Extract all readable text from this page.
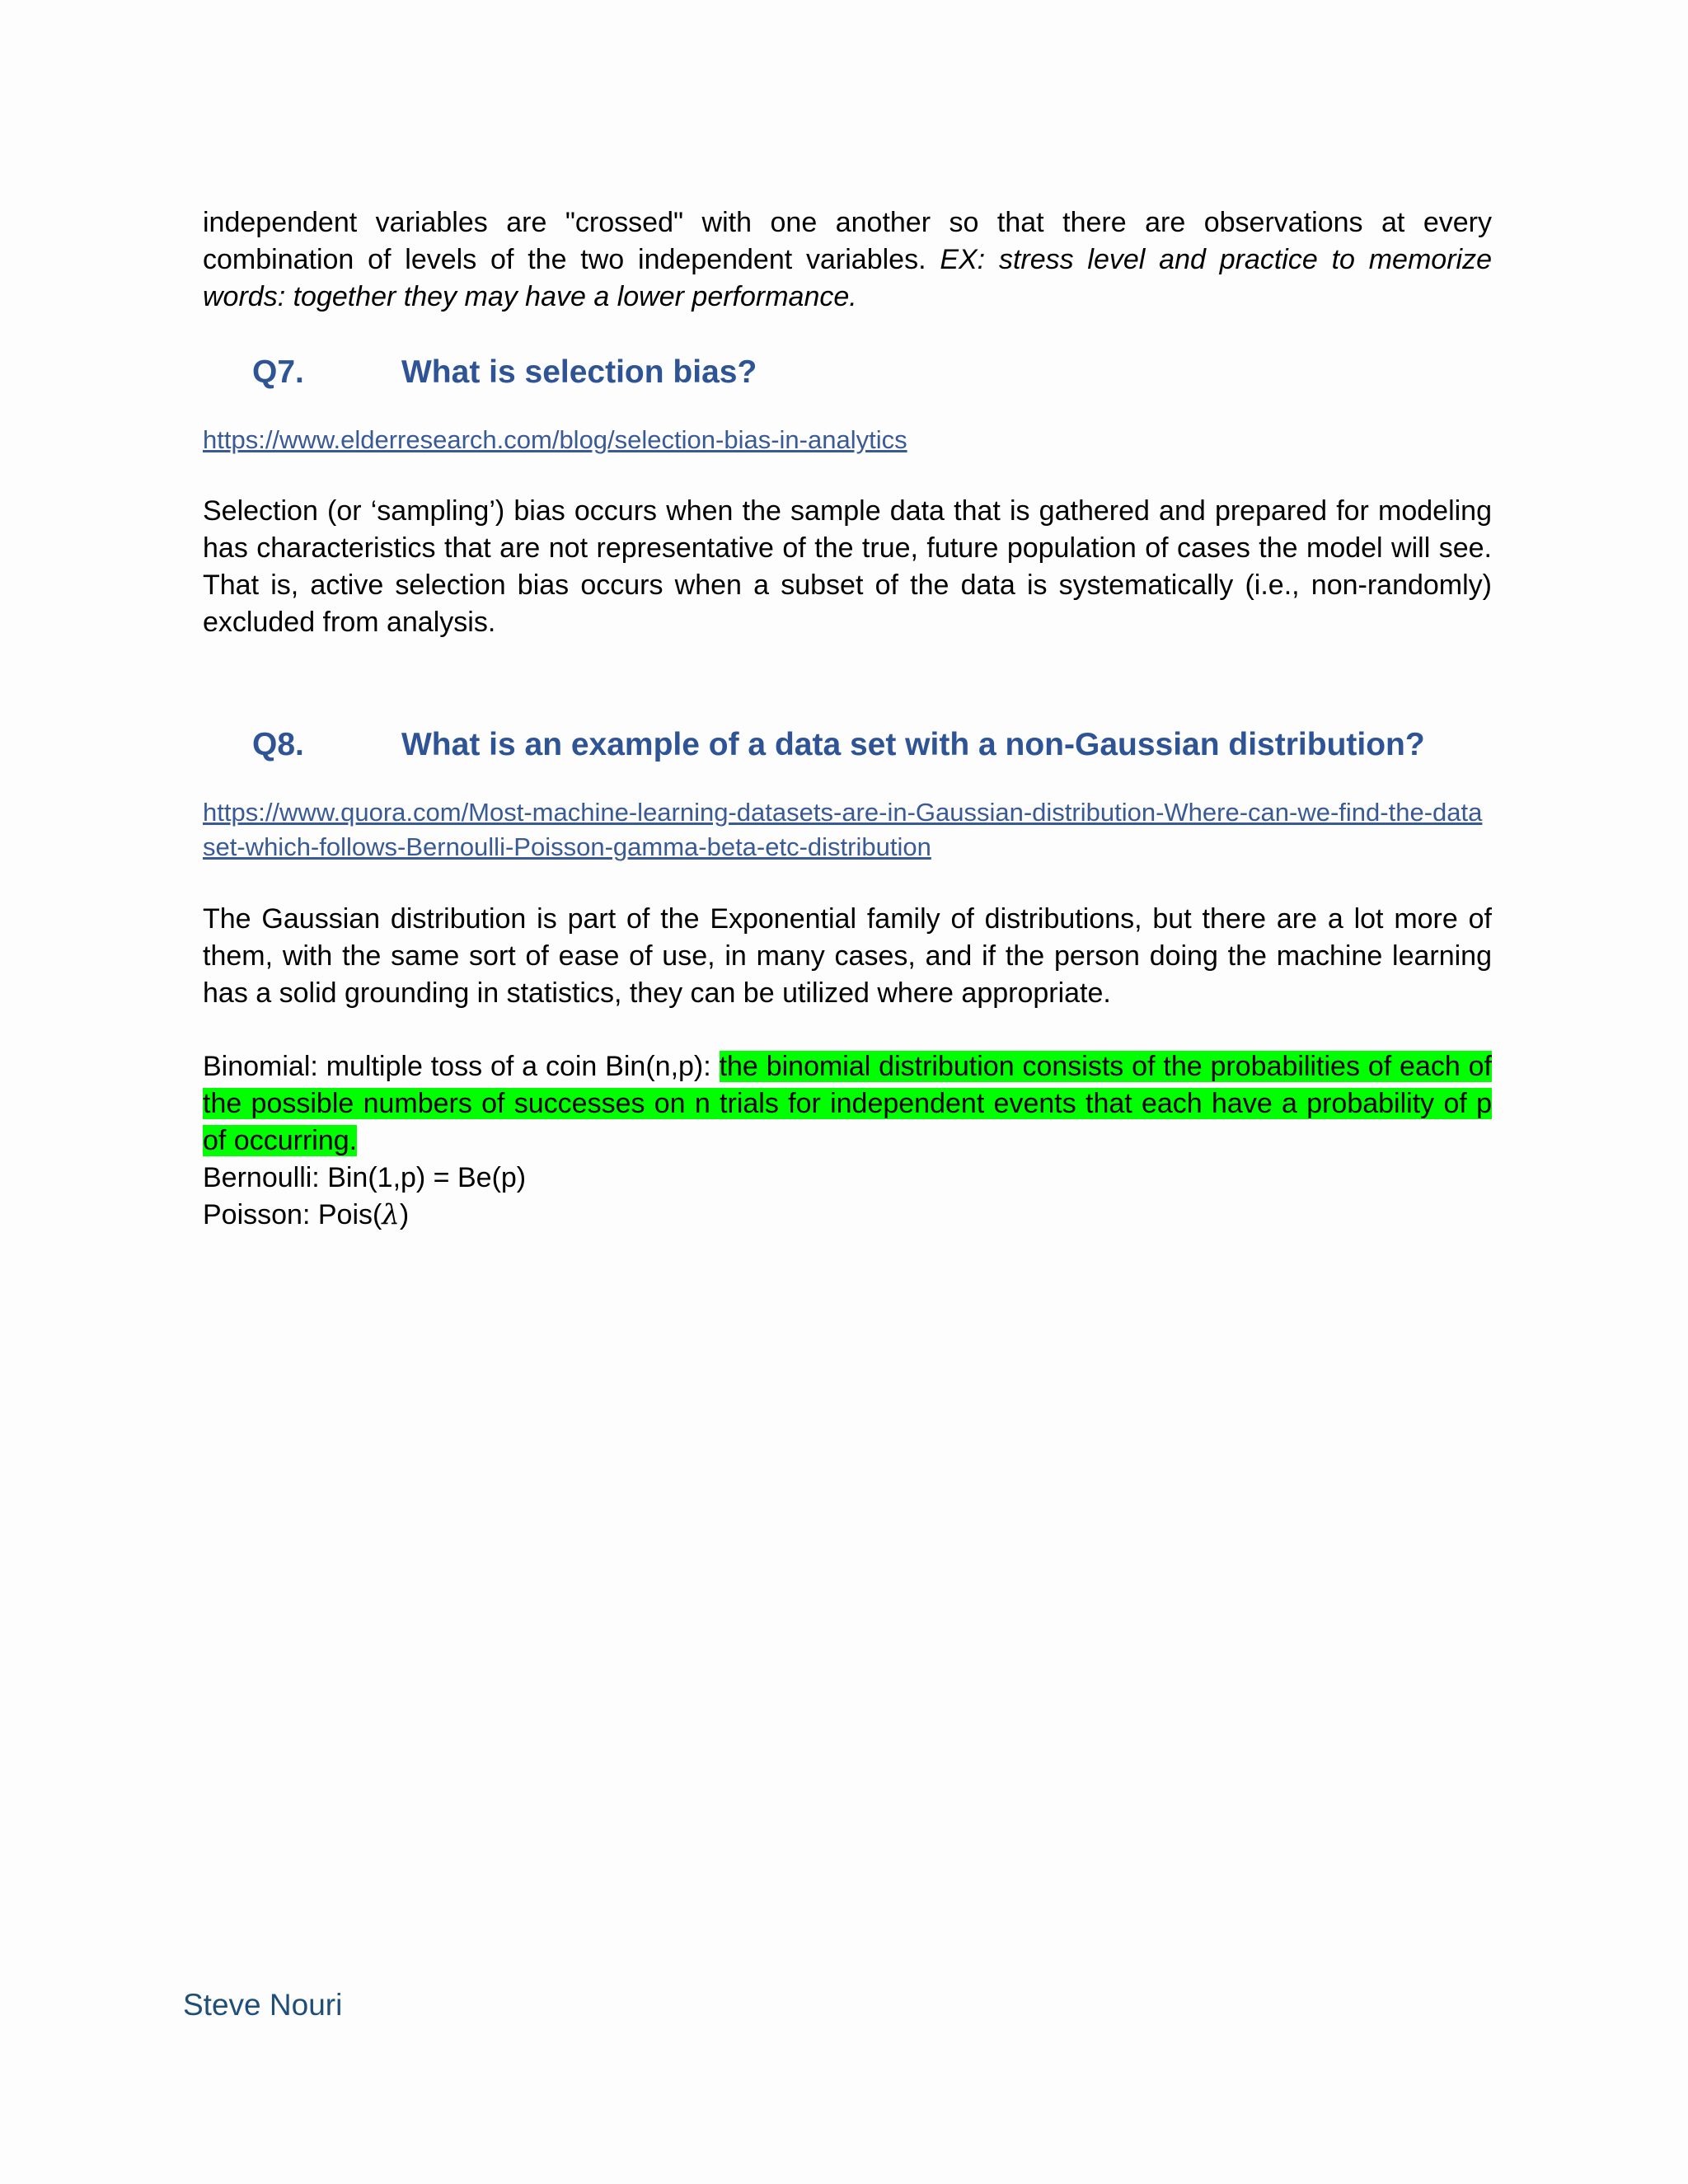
independent variables are "crossed" with one another so that there are observations at every combination of levels of the two independent variables. EX: stress level and practice to memorize words: together they may have a lower performance.

Q7.	What is selection bias?
https://www.elderresearch.com/blog/selection-bias-in-analytics

Selection (or ‘sampling’) bias occurs when the sample data that is gathered and prepared for modeling has characteristics that are not representative of the true, future population of cases the model will see. That is, active selection bias occurs when a subset of the data is systematically (i.e., non-randomly) excluded from analysis.

Q8.	What is an example of a data set with a non-Gaussian distribution?
https://www.quora.com/Most-machine-learning-datasets-are-in-Gaussian-distribution-Where-can-we-find-the-dataset-which-follows-Bernoulli-Poisson-gamma-beta-etc-distribution

The Gaussian distribution is part of the Exponential family of distributions, but there are a lot more of them, with the same sort of ease of use, in many cases, and if the person doing the machine learning has a solid grounding in statistics, they can be utilized where appropriate.

Binomial: multiple toss of a coin Bin(n,p): the binomial distribution consists of the probabilities of each of the possible numbers of successes on n trials for independent events that each have a probability of p of occurring.

Bernoulli: Bin(1,p) = Be(p)

Poisson: Pois(λ)

Steve Nouri
